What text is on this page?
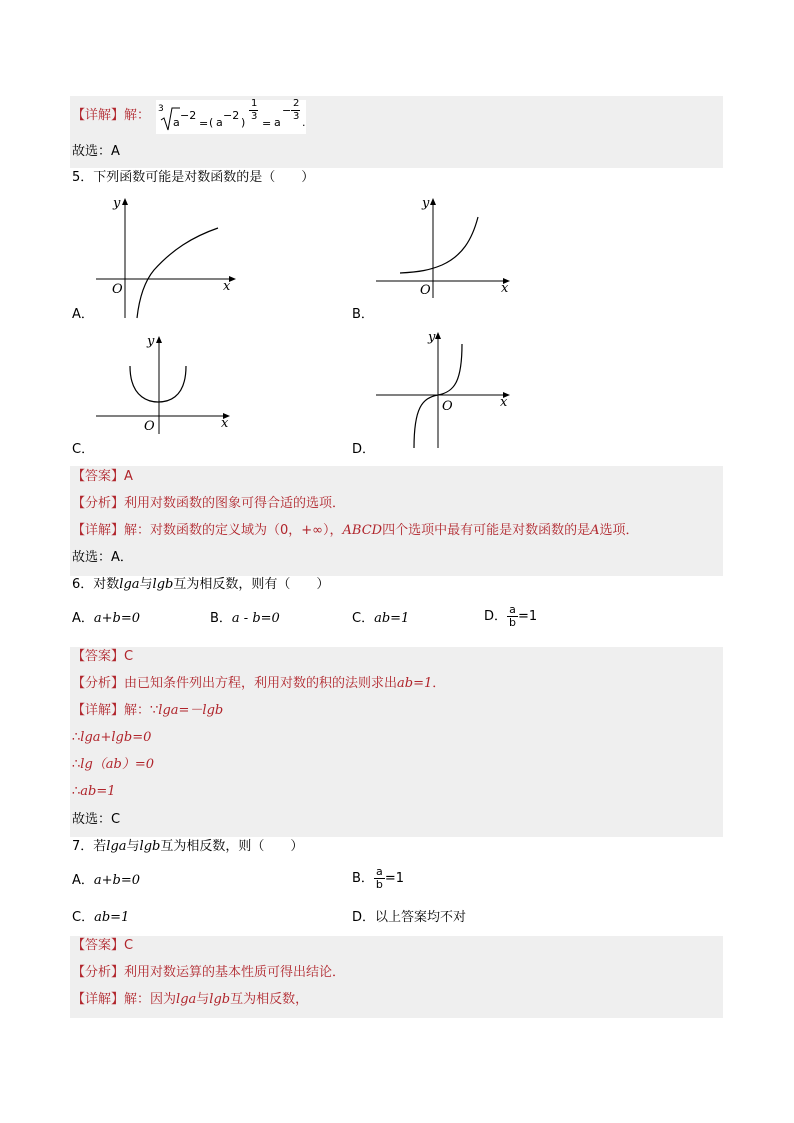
【详解】解： 3
a
−2
= ( a
−2
)
1
3
= a
−
2
3 .
故选：A
5．下列函数可能是对数函数的是（　　）
y
x
O
A．
y
x
O
B．
y
x
O
C．
y
x
O
D．
【答案】A
【分析】利用对数函数的图象可得合适的选项．
【详解】解：对数函数的定义域为（0，+∞），ABCD四个选项中最有可能是对数函数的是A选项．
故选：A．
6．对数lga与lgb互为相反数，则有（　　）
A．a+b=0	B．a - b=0	C．ab=1	D． $\frac{a}{b} =1$
【答案】C
【分析】由已知条件列出方程，利用对数的积的法则求出ab=1．
【详解】解：∵lga=－lgb
∴lga+lgb=0
∴lg（ab）=0
∴ab=1
故选：C
7．若lga与lgb互为相反数，则（　　）
A．a+b=0	B． $\frac{a}{b} =1$
C．ab=1	D．以上答案均不对
【答案】C
【分析】利用对数运算的基本性质可得出结论．
【详解】解：因为lga与lgb互为相反数，
